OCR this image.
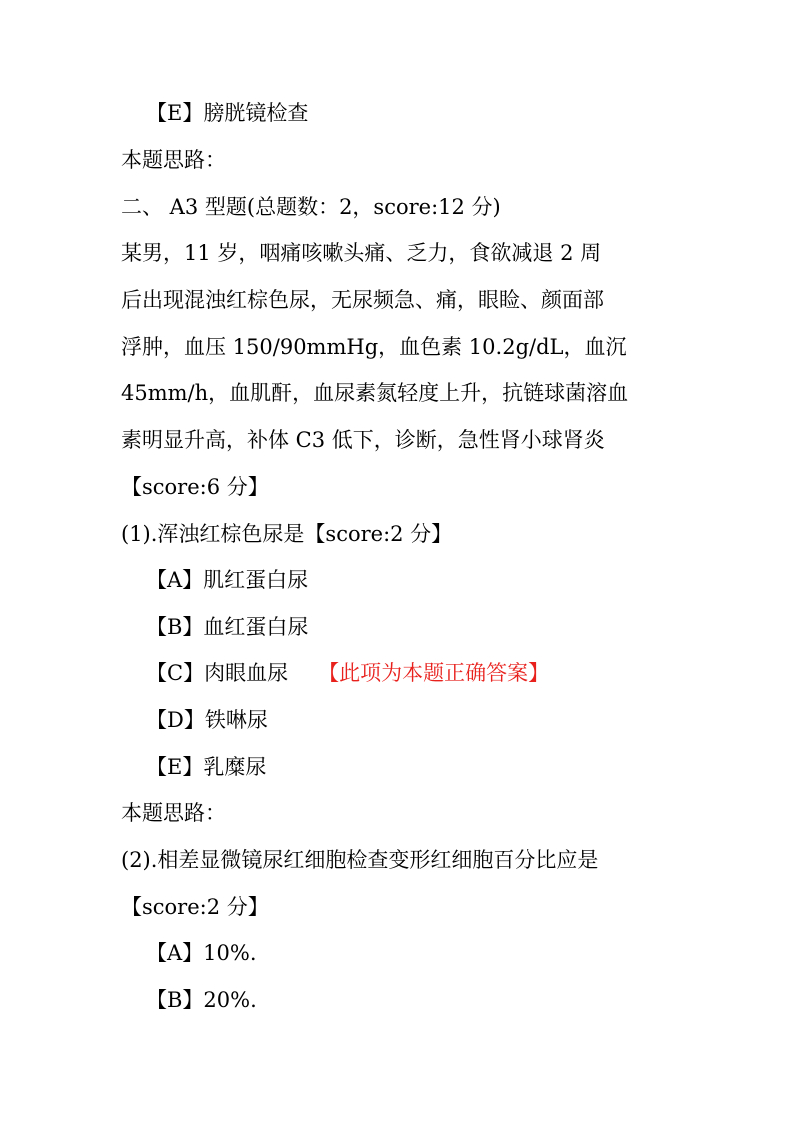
【E】膀胱镜检查
本题思路：
二、 A3 型题(总题数：2，score:12 分)
某男，11 岁，咽痛咳嗽头痛、乏力，食欲减退 2 周
后出现混浊红棕色尿，无尿频急、痛，眼睑、颜面部
浮肿，血压 150/90mmHg，血色素 10.2g/dL，血沉
45mm/h，血肌酐，血尿素氮轻度上升，抗链球菌溶血
素明显升高，补体 C3 低下，诊断，急性肾小球肾炎
【score:6 分】
(1).浑浊红棕色尿是【score:2 分】
【A】肌红蛋白尿
【B】血红蛋白尿
【C】肉眼血尿 【此项为本题正确答案】
【D】铁啉尿
【E】乳糜尿
本题思路：
(2).相差显微镜尿红细胞检查变形红细胞百分比应是
【score:2 分】
【A】10%.
【B】20%.
